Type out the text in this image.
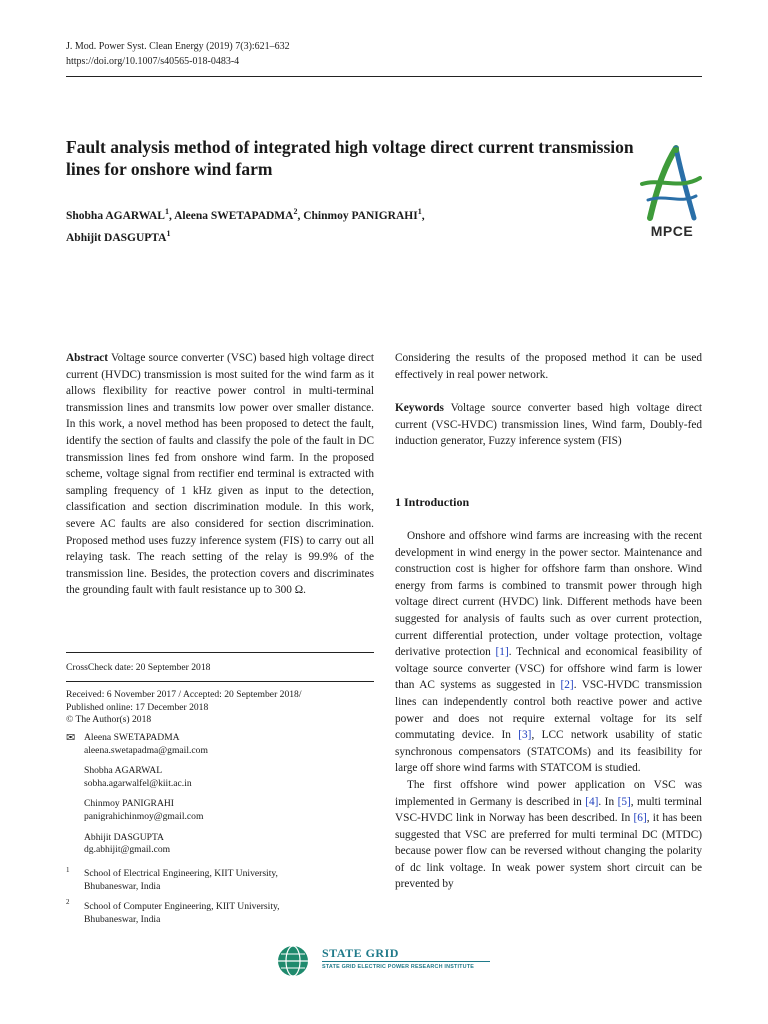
J. Mod. Power Syst. Clean Energy (2019) 7(3):621–632
https://doi.org/10.1007/s40565-018-0483-4
Fault analysis method of integrated high voltage direct current transmission lines for onshore wind farm
Shobha AGARWAL$^1$, Aleena SWETAPADMA$^2$, Chinmoy PANIGRAHI$^1$,
Abhijit DASGUPTA$^1$	MPCE

Abstract Voltage source converter (VSC) based high voltage direct current (HVDC) transmission is most suited for the wind farm as it allows flexibility for reactive power control in multi-terminal transmission lines and transmits low power over smaller distance. In this work, a novel method has been proposed to detect the fault, identify the section of faults and classify the pole of the fault in DC transmission lines fed from onshore wind farm. In the proposed scheme, voltage signal from rectifier end terminal is extracted with sampling frequency of 1 kHz given as input to the detection, classification and section discrimination module. In this work, severe AC faults are also considered for section discrimination. Proposed method uses fuzzy inference system (FIS) to carry out all relaying task. The reach setting of the relay is 99.9% of the transmission line. Besides, the protection covers and discriminates the grounding fault with fault resistance up to 300 Ω.

CrossCheck date: 20 September 2018
Received: 6 November 2017 / Accepted: 20 September 2018/
Published online: 17 December 2018
© The Author(s) 2018
✉ Aleena SWETAPADMA
aleena.swetapadma@gmail.com
Shobha AGARWAL
sobha.agarwalfel@kiit.ac.in
Chinmoy PANIGRAHI
panigrahichinmoy@gmail.com
Abhijit DASGUPTA
dg.abhijit@gmail.com
1 School of Electrical Engineering, KIIT University,
Bhubaneswar, India
2 School of Computer Engineering, KIIT University,
Bhubaneswar, India
Considering the results of the proposed method it can be used effectively in real power network.

Keywords Voltage source converter based high voltage direct current (VSC-HVDC) transmission lines, Wind farm, Doubly-fed induction generator, Fuzzy inference system (FIS)

1 Introduction

Onshore and offshore wind farms are increasing with the recent development in wind energy in the power sector. Maintenance and construction cost is higher for offshore farm than onshore. Wind energy from farms is combined to transmit power through high voltage direct current (HVDC) link. Different methods have been suggested for analysis of faults such as over current protection, current differential protection, under voltage protection, voltage derivative protection [1]. Technical and economical feasibility of voltage source converter (VSC) for offshore wind farm is lower than AC systems as suggested in [2]. VSC-HVDC transmission lines can independently control both reactive power and active power and does not require external voltage for its self commutating device. In [3], LCC network usability of static synchronous compensators (STATCOMs) and its feasibility for large off shore wind farms with STATCOM is studied.

The first offshore wind power application on VSC was implemented in Germany is described in [4]. In [5], multi terminal VSC-HVDC link in Norway has been described. In [6], it has been suggested that VSC are preferred for multi terminal DC (MTDC) because power flow can be reversed without changing the polarity of dc link voltage. In weak power system short circuit can be prevented by

STATE GRID
STATE GRID ELECTRIC POWER RESEARCH INSTITUTE
